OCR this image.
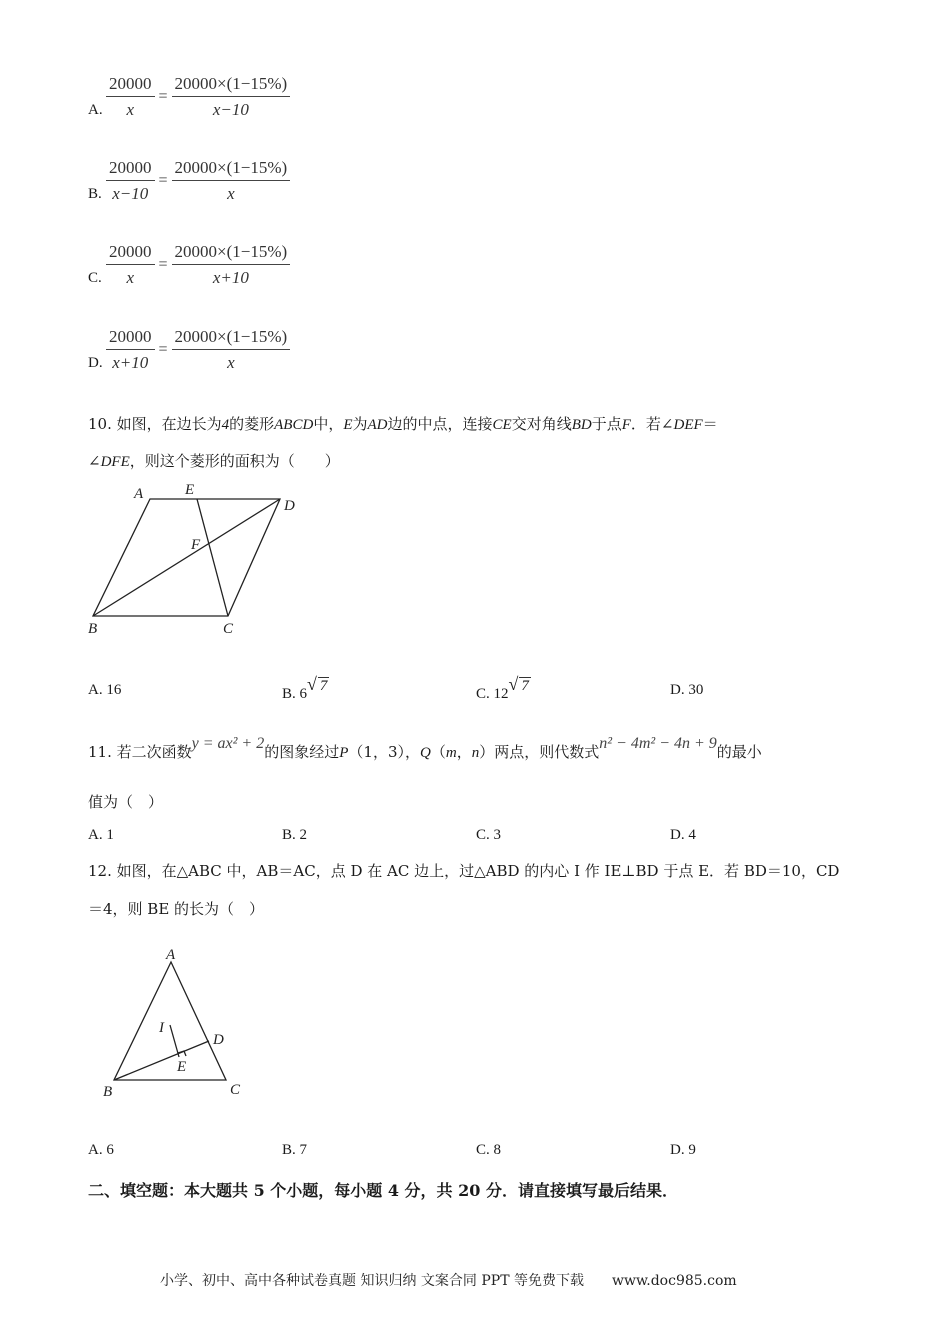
A. $\frac{20000}{x} = \frac{20000\times(1-15\%)}{x-10}$
B. $\frac{20000}{x-10} = \frac{20000\times(1-15\%)}{x}$
C. $\frac{20000}{x} = \frac{20000\times(1-15\%)}{x+10}$
D. $\frac{20000}{x+10} = \frac{20000\times(1-15\%)}{x}$
10. 如图，在边长为4的菱形ABCD中，E为AD边的中点，连接CE交对角线BD于点F．若∠DEF＝
∠DFE，则这个菱形的面积为（　　）
A	E
D
F
B	C
A. 16	B. 6√ 7	C. 12√ 7	D. 30
11. 若二次函数y = ax² + 2的图象经过P（1，3），Q（m，n）两点，则代数式n² − 4m² − 4n + 9的最小
值为（　）
A. 1	B. 2	C. 3	D. 4
12. 如图，在△ABC 中，AB＝AC，点 D 在 AC 边上，过△ABD 的内心 I 作 IE⊥BD 于点 E．若 BD＝10，CD
＝4，则 BE 的长为（　）
A
I
D
E
B	C
A. 6	B. 7	C. 8	D. 9
二、填空题：本大题共 5 个小题，每小题 4 分，共 20 分．请直接填写最后结果．
小学、初中、高中各种试卷真题 知识归纳 文案合同 PPT 等免费下载　　www.doc985.com
